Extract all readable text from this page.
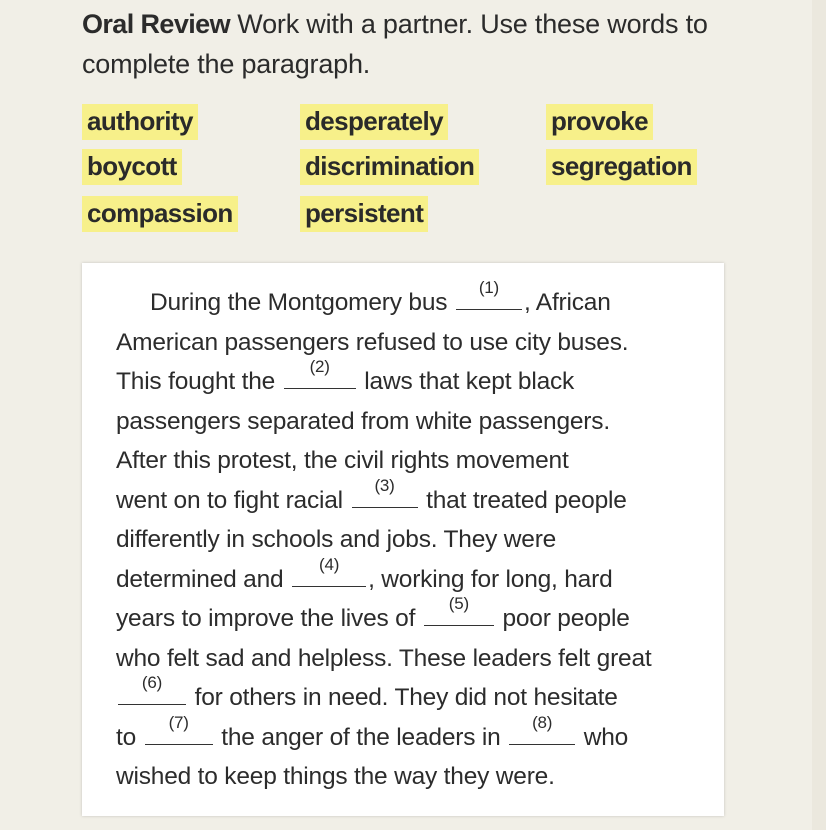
Oral Review Work with a partner. Use these words to complete the paragraph.
authority	desperately	provoke
boycott	discrimination	segregation
compassion	persistent
During the Montgomery bus
(1)
, African
American passengers refused to use city buses.
This fought the
(2)
laws that kept black
passengers separated from white passengers.
After this protest, the civil rights movement
went on to fight racial
(3)
that treated people
differently in schools and jobs. They were
determined and
(4)
, working for long, hard
years to improve the lives of
(5)
poor people
who felt sad and helpless. These leaders felt great
(6)
for others in need. They did not hesitate
to
(7)
the anger of the leaders in
(8)
who
wished to keep things the way they were.
